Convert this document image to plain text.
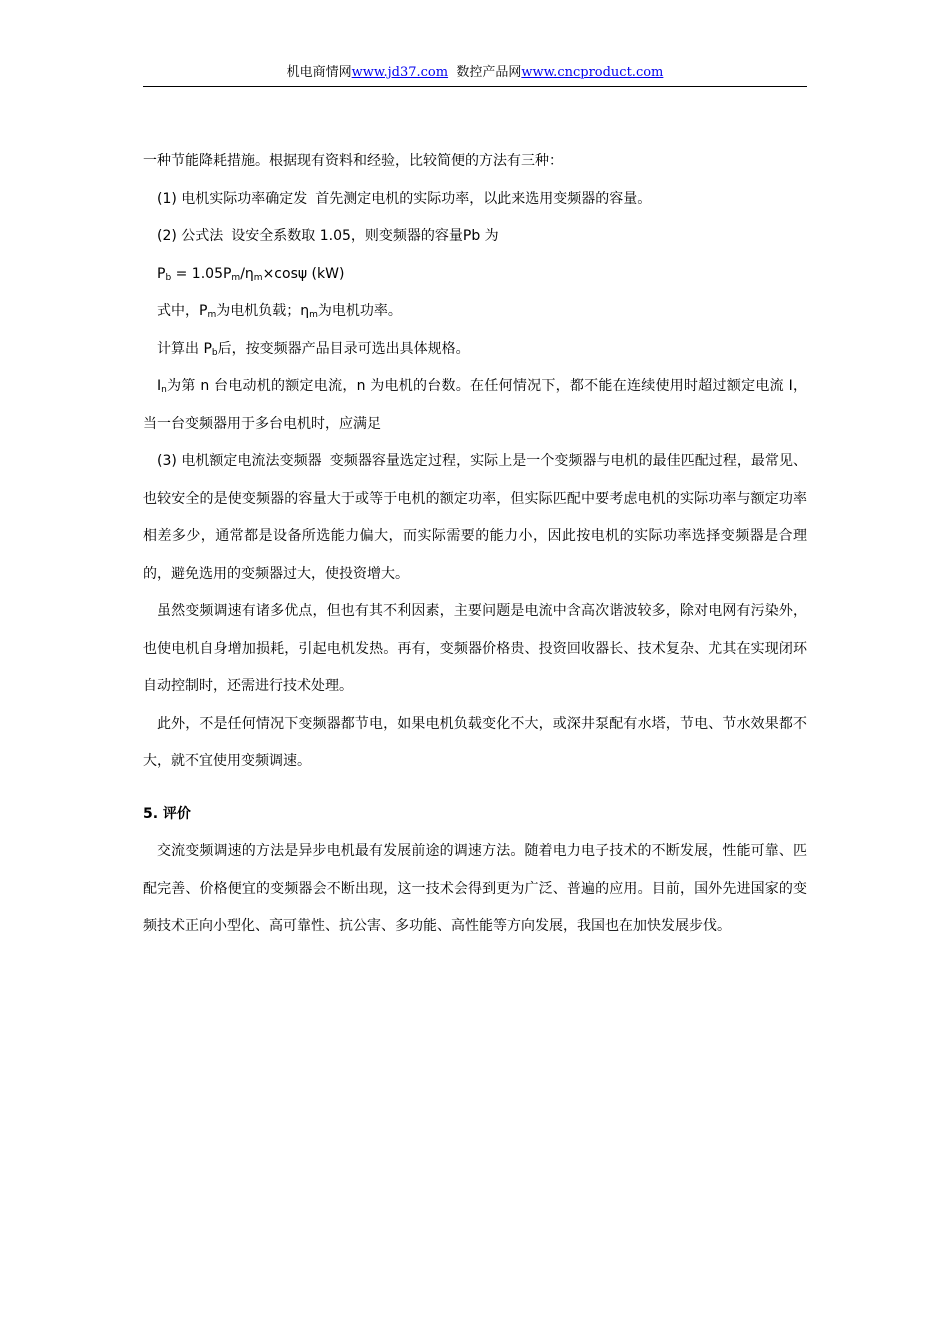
机电商情网www.jd37.com 数控产品网www.cncproduct.com

一种节能降耗措施。根据现有资料和经验，比较简便的方法有三种：

(1) 电机实际功率确定发 首先测定电机的实际功率，以此来选用变频器的容量。

(2) 公式法 设安全系数取 1.05，则变频器的容量Pb 为

$P_b = 1.05P_m/\eta_m\times\cos\psi$ (kW)

式中，$P_m$为电机负载；$\eta_m$为电机功率。

计算出 $P_b$后，按变频器产品目录可选出具体规格。

$I_n$为第 n 台电动机的额定电流，n 为电机的台数。在任何情况下，都不能在连续使用时超过额定电流 I，当一台变频器用于多台电机时，应满足

(3) 电机额定电流法变频器 变频器容量选定过程，实际上是一个变频器与电机的最佳匹配过程，最常见、也较安全的是使变频器的容量大于或等于电机的额定功率，但实际匹配中要考虑电机的实际功率与额定功率相差多少，通常都是设备所选能力偏大，而实际需要的能力小，因此按电机的实际功率选择变频器是合理的，避免选用的变频器过大，使投资增大。

虽然变频调速有诸多优点，但也有其不利因素，主要问题是电流中含高次谐波较多，除对电网有污染外，也使电机自身增加损耗，引起电机发热。再有，变频器价格贵、投资回收器长、技术复杂、尤其在实现闭环自动控制时，还需进行技术处理。

此外，不是任何情况下变频器都节电，如果电机负载变化不大，或深井泵配有水塔，节电、节水效果都不大，就不宜使用变频调速。

5. 评价

交流变频调速的方法是异步电机最有发展前途的调速方法。随着电力电子技术的不断发展，性能可靠、匹配完善、价格便宜的变频器会不断出现，这一技术会得到更为广泛、普遍的应用。目前，国外先进国家的变频技术正向小型化、高可靠性、抗公害、多功能、高性能等方向发展，我国也在加快发展步伐。
